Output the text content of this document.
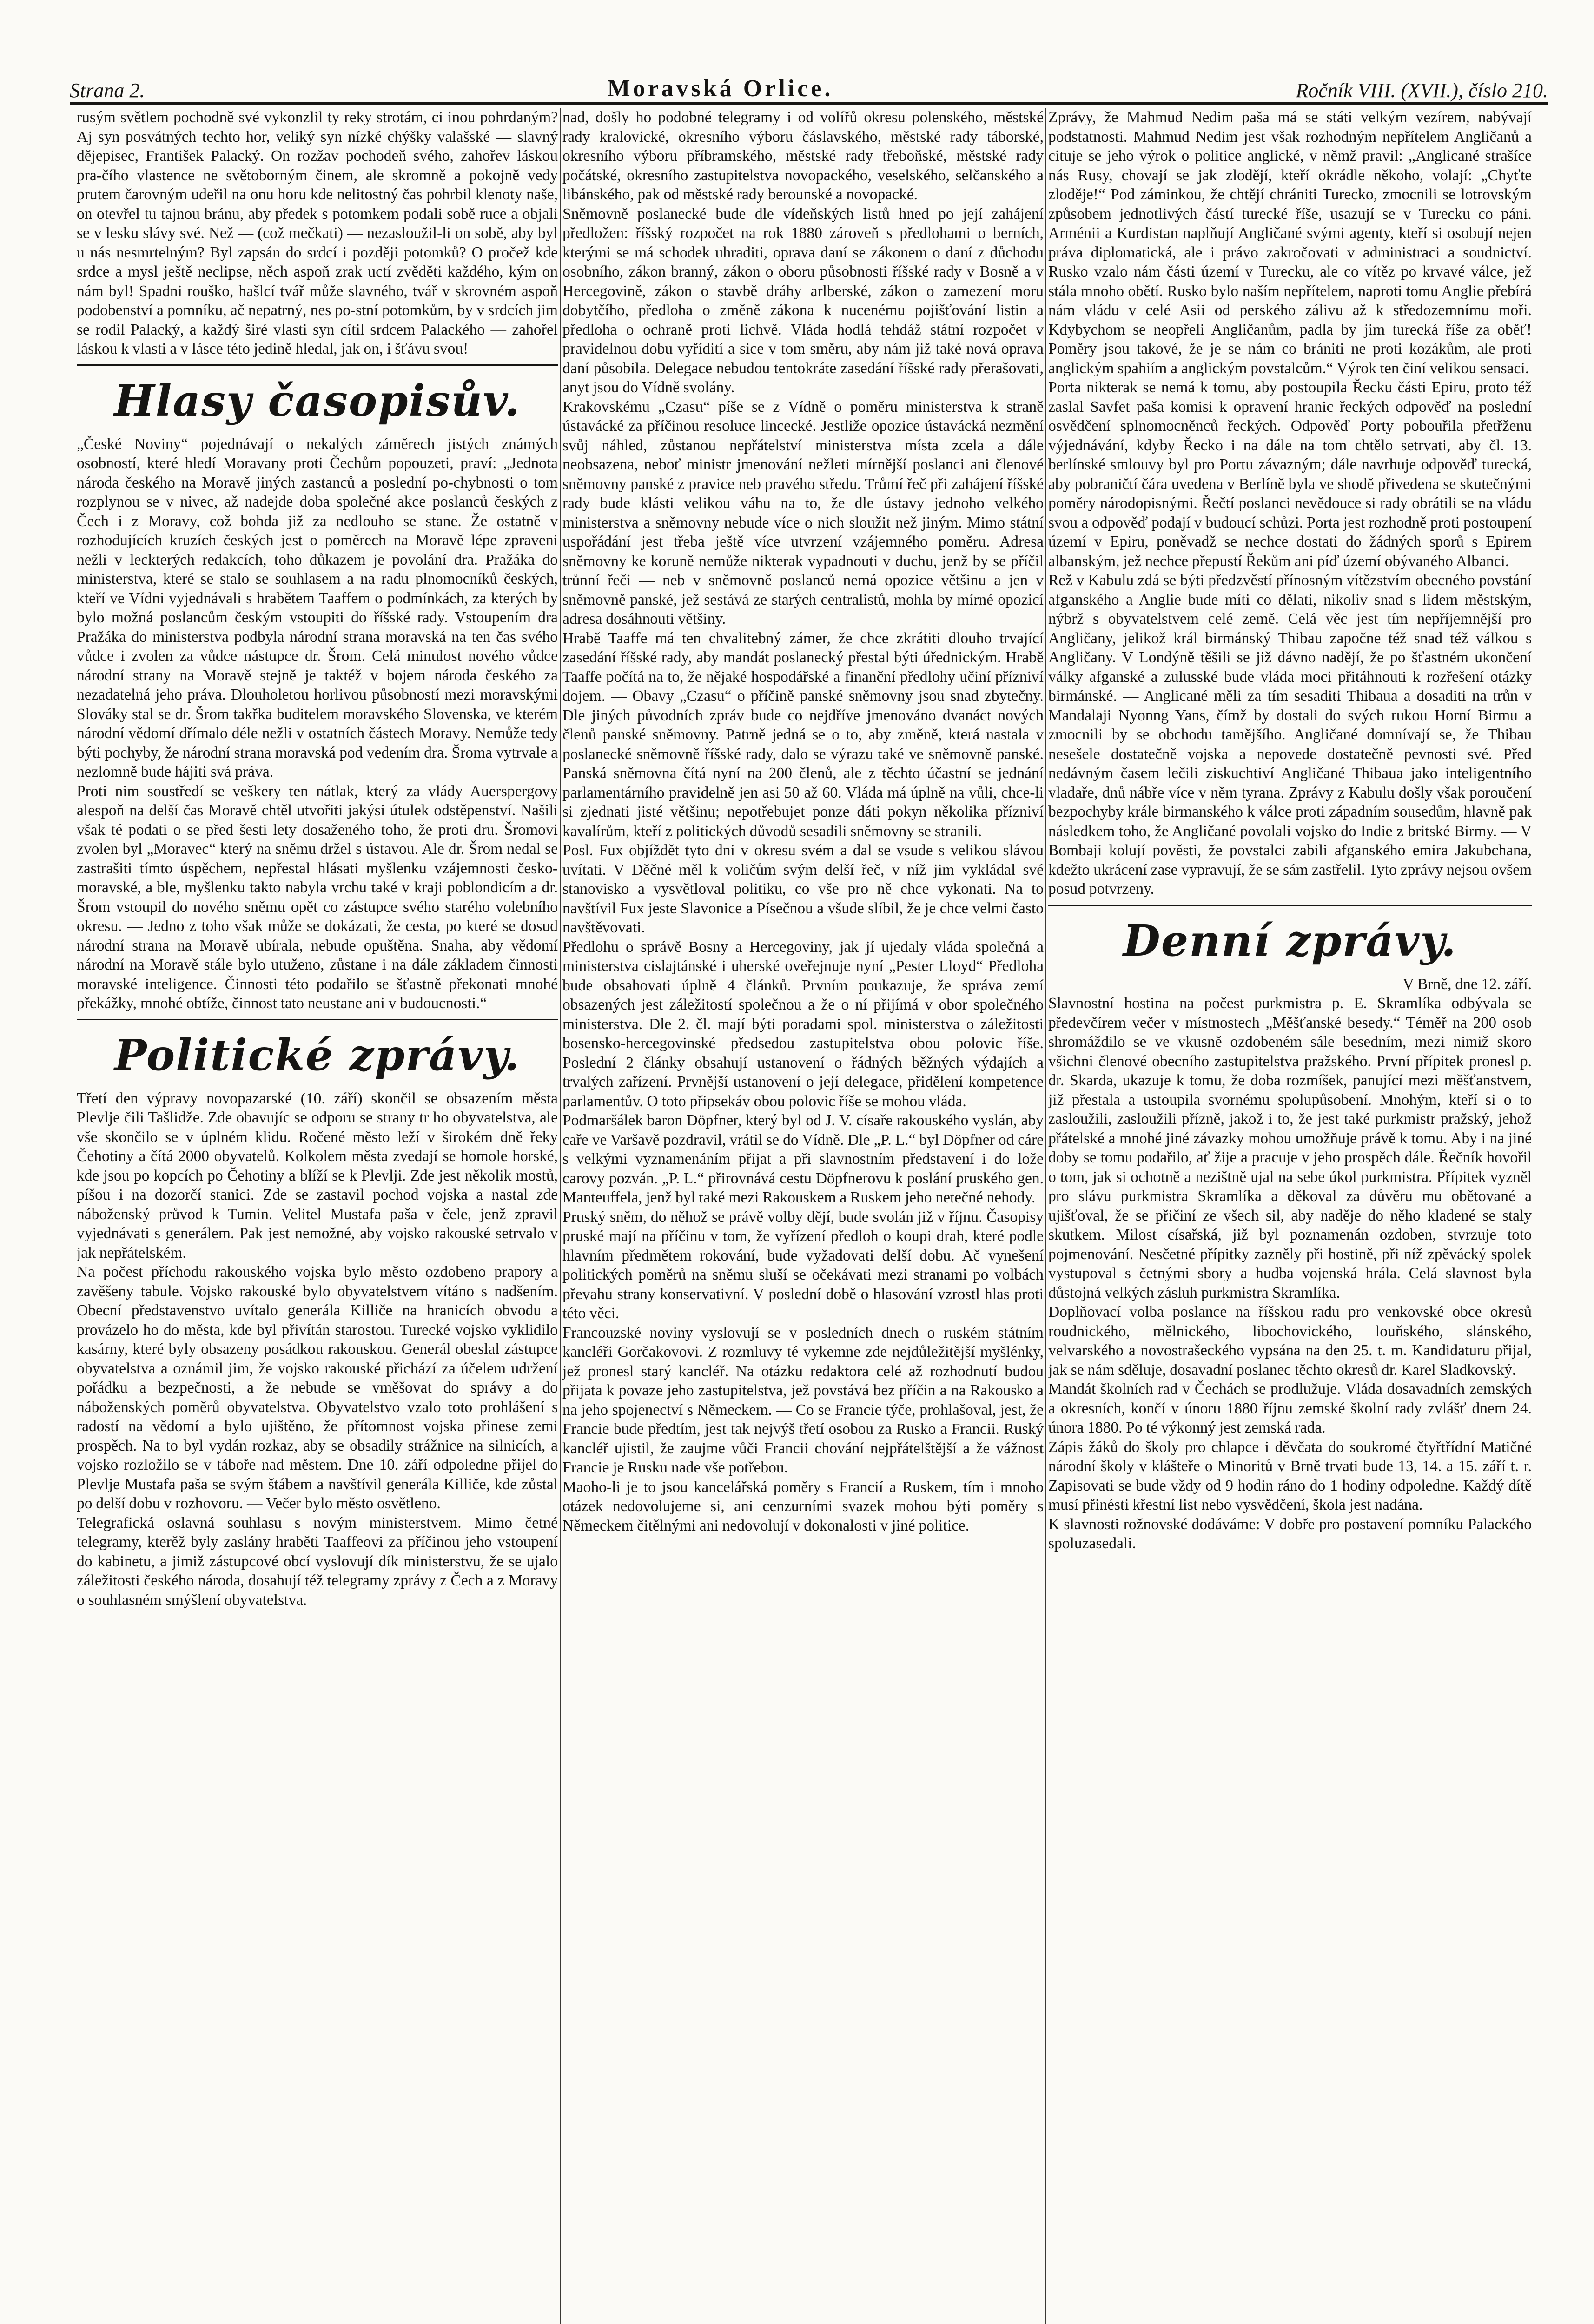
Strana 2.	Moravská Orlice.	Ročník VIII. (XVII.), číslo 210.

rusým světlem pochodně své vykonzlil ty reky strotám, ci inou pohrdaným? Aj syn posvátných techto hor, veliký syn nízké chýšky valašské — slavný dějepisec, František Palacký. On rozžav pochodeň svého, zahořev láskou pra-čího vlastence ne světoborným činem, ale skromně a pokojně vedy prutem čarovným udeřil na onu horu kde nelitostný čas pohrbil klenoty naše, on otevřel tu tajnou bránu, aby předek s potomkem podali sobě ruce a objali se v lesku slávy své. Než — (což mečkati) — nezasloužil-li on sobě, aby byl u nás nesmrtelným? Byl zapsán do srdcí i později potomků? O pročež kde srdce a mysl ještě neclipse, něch aspoň zrak uctí zvěděti každého, kým on nám byl! Spadni rouško, hašlcí tvář může slavného, tvář v skrovném aspoň podobenství a pomníku, ač nepatrný, nes po-stní potomkům, by v srdcích jim se rodil Palacký, a každý širé vlasti syn cítil srdcem Palackého — zahořel láskou k vlasti a v lásce této jedině hledal, jak on, i šťávu svou!

Hlasy časopisův.

„České Noviny“ pojednávají o nekalých záměrech jistých známých osobností, které hledí Moravany proti Čechům popouzeti, praví: „Jednota národa českého na Moravě jiných zastanců a poslední po-chybnosti o tom rozplynou se v nivec, až nadejde doba společné akce poslanců českých z Čech i z Moravy, což bohda již za nedlouho se stane. Že ostatně v rozhodujících kruzích českých jest o poměrech na Moravě lépe zpraveni nežli v leckterých redakcích, toho důkazem je povolání dra. Pražáka do ministerstva, které se stalo se souhlasem a na radu plnomocníků českých, kteří ve Vídni vyjednávali s hrabětem Taaffem o podmínkách, za kterých by bylo možná poslancům českým vstoupiti do říšské rady. Vstoupením dra Pražáka do ministerstva podbyla národní strana moravská na ten čas svého vůdce i zvolen za vůdce nástupce dr. Šrom. Celá minulost nového vůdce národní strany na Moravě stejně je taktéž v bojem národa českého za nezadatelná jeho práva. Dlouholetou horlivou působností mezi moravskými Slováky stal se dr. Šrom takřka buditelem moravského Slovenska, ve kterém národní vědomí dřímalo déle nežli v ostatních částech Moravy. Nemůže tedy býti pochyby, že národní strana moravská pod vedením dra. Šroma vytrvale a nezlomně bude hájiti svá práva.

Proti nim soustředí se veškery ten nátlak, který za vlády Auerspergovy alespoň na delší čas Moravě chtěl utvořiti jakýsi útulek odstěpenství. Našili však té podati o se před šesti lety dosaženého toho, že proti dru. Šromovi zvolen byl „Moravec“ který na sněmu držel s ústavou. Ale dr. Šrom nedal se zastrašiti tímto úspěchem, nepřestal hlásati myšlenku vzájemnosti česko-moravské, a ble, myšlenku takto nabyla vrchu také v kraji poblondicím a dr. Šrom vstoupil do nového sněmu opět co zástupce svého starého volebního okresu. — Jedno z toho však může se dokázati, že cesta, po které se dosud národní strana na Moravě ubírala, nebude opuštěna. Snaha, aby vědomí národní na Moravě stále bylo utuženo, zůstane i na dále základem činnosti moravské inteligence. Činnosti této podařilo se šťastně překonati mnohé překážky, mnohé obtíže, činnost tato neustane ani v budoucnosti.“

Politické zprávy.

Třetí den výpravy novopazarské (10. září) skončil se obsazením města Plevlje čili Tašlidže. Zde obavujíc se odporu se strany tr ho obyvatelstva, ale vše skončilo se v úplném klidu. Ročené město leží v širokém dně řeky Čehotiny a čítá 2000 obyvatelů. Kolkolem města zvedají se homole horské, kde jsou po kopcích po Čehotiny a blíží se k Plevlji. Zde jest několik mostů, píšou i na dozorčí stanici. Zde se zastavil pochod vojska a nastal zde náboženský průvod k Tumin. Velitel Mustafa paša v čele, jenž zpravil vyjednávati s generálem. Pak jest nemožné, aby vojsko rakouské setrvalo v jak nepřátelském.

Na počest příchodu rakouského vojska bylo město ozdobeno prapory a zavěšeny tabule. Vojsko rakouské bylo obyvatelstvem vítáno s nadšením. Obecní představenstvo uvítalo generála Killiče na hranicích obvodu a provázelo ho do města, kde byl přivítán starostou. Turecké vojsko vyklidilo kasárny, které byly obsazeny posádkou rakouskou. Generál obeslal zástupce obyvatelstva a oznámil jim, že vojsko rakouské přichází za účelem udržení pořádku a bezpečnosti, a že nebude se vměšovat do správy a do náboženských poměrů obyvatelstva. Obyvatelstvo vzalo toto prohlášení s radostí na vědomí a bylo ujištěno, že přítomnost vojska přinese zemi prospěch. Na to byl vydán rozkaz, aby se obsadily strážnice na silnicích, a vojsko rozložilo se v táboře nad městem. Dne 10. září odpoledne přijel do Plevlje Mustafa paša se svým štábem a navštívil generála Killiče, kde zůstal po delší dobu v rozhovoru. — Večer bylo město osvětleno.

Telegrafická oslavná souhlasu s novým ministerstvem. Mimo četné telegramy, kterěž byly zaslány hraběti Taaffeovi za příčinou jeho vstoupení do kabinetu, a jimiž zástupcové obcí vyslovují dík ministerstvu, že se ujalo záležitosti českého národa, dosahují též telegramy zprávy z Čech a z Moravy o souhlasném smýšlení obyvatelstva.

nad, došly ho podobné telegramy i od volířů okresu polenského, městské rady kralovické, okresního výboru čáslavského, městské rady táborské, okresního výboru příbramského, městské rady třeboňské, městské rady počátské, okresního zastupitelstva novopackého, veselského, selčanského a libánského, pak od městské rady berounské a novopacké.

Sněmovně poslanecké bude dle vídeňských listů hned po její zahájení předložen: říšský rozpočet na rok 1880 zároveň s předlohami o berních, kterými se má schodek uhraditi, oprava daní se zákonem o daní z důchodu osobního, zákon branný, zákon o oboru působnosti říšské rady v Bosně a v Hercegovině, zákon o stavbě dráhy arlberské, zákon o zamezení moru dobytčího, předloha o změně zákona k nucenému pojišťování listin a předloha o ochraně proti lichvě. Vláda hodlá tehdáž státní rozpočet v pravidelnou dobu vyřídití a sice v tom směru, aby nám již také nová oprava daní působila. Delegace nebudou tentokráte zasedání říšské rady přerašovati, anyt jsou do Vídně svolány.

Krakovskému „Czasu“ píše se z Vídně o poměru ministerstva k straně ústavácké za příčinou resoluce lincecké. Jestliže opozice ústavácká nezmění svůj náhled, zůstanou nepřátelství ministerstva místa zcela a dále neobsazena, neboť ministr jmenování nežleti mírnější poslanci ani členové sněmovny panské z pravice neb pravého středu. Trůmí řeč při zahájení říšské rady bude klásti velikou váhu na to, že dle ústavy jednoho velkého ministerstva a sněmovny nebude více o nich sloužit než jiným. Mimo státní uspořádání jest třeba ještě více utvrzení vzájemného poměru. Adresa sněmovny ke koruně nemůže nikterak vypadnouti v duchu, jenž by se příčil trůnní řeči — neb v sněmovně poslanců nemá opozice většinu a jen v sněmovně panské, jež sestává ze starých centralistů, mohla by mírné opozicí adresa dosáhnouti většiny.

Hrabě Taaffe má ten chvalitebný zámer, že chce zkrátiti dlouho trvající zasedání říšské rady, aby mandát poslanecký přestal býti úřednickým. Hrabě Taaffe počítá na to, že nějaké hospodářské a finanční předlohy učiní přízniví dojem. — Obavy „Czasu“ o příčině panské sněmovny jsou snad zbytečny. Dle jiných původních zpráv bude co nejdříve jmenováno dvanáct nových členů panské sněmovny. Patrně jedná se o to, aby změně, která nastala v poslanecké sněmovně říšské rady, dalo se výrazu také ve sněmovně panské. Panská sněmovna čítá nyní na 200 členů, ale z těchto účastní se jednání parlamentárního pravidelně jen asi 50 až 60. Vláda má úplně na vůli, chce-li si zjednati jisté většinu; nepotřebujet ponze dáti pokyn několika přízniví kavalírům, kteří z politických důvodů sesadili sněmovny se stranili.

Posl. Fux objíždět tyto dni v okresu svém a dal se vsude s velikou slávou uvítati. V Děčné měl k voličům svým delší řeč, v níž jim vykládal své stanovisko a vysvětloval politiku, co vše pro ně chce vykonati. Na to navštívil Fux jeste Slavonice a Písečnou a všude slíbil, že je chce velmi často navštěvovati.

Předlohu o správě Bosny a Hercegoviny, jak jí ujedaly vláda společná a ministerstva cislajtánské i uherské oveřejnuje nyní „Pester Lloyd“ Předloha bude obsahovati úplně 4 článků. Prvním poukazuje, že správa zemí obsazených jest záležitostí společnou a že o ní přijímá v obor společného ministerstva. Dle 2. čl. mají býti poradami spol. ministerstva o záležitosti bosensko-hercegovinské předsedou zastupitelstva obou polovic říše. Poslední 2 články obsahují ustanovení o řádných běžných výdajích a trvalých zařízení. Prvnější ustanovení o její delegace, přidělení kompetence parlamentův. O toto připsekáv obou polovic říše se mohou vláda.

Podmaršálek baron Döpfner, který byl od J. V. císaře rakouského vyslán, aby caře ve Varšavě pozdravil, vrátil se do Vídně. Dle „P. L.“ byl Döpfner od cáre s velkými vyznamenáním přijat a při slavnostním představení i do lože carovy pozván. „P. L.“ přirovnává cestu Döpfnerovu k poslání pruského gen. Manteuffela, jenž byl také mezi Rakouskem a Ruskem jeho netečné nehody.

Pruský sněm, do něhož se právě volby dějí, bude svolán již v říjnu. Časopisy pruské mají na příčinu v tom, že vyřízení předloh o koupi drah, které podle hlavním předmětem rokování, bude vyžadovati delší dobu. Ač vynešení politických poměrů na sněmu sluší se očekávati mezi stranami po volbách převahu strany konservativní. V poslední době o hlasování vzrostl hlas proti této věci.

Francouzské noviny vyslovují se v posledních dnech o ruském státním kancléři Gorčakovovi. Z rozmluvy té vykemne zde nejdůležitější myšlénky, jež pronesl starý kancléř. Na otázku redaktora celé až rozhodnutí budou přijata k povaze jeho zastupitelstva, jež povstává bez příčin a na Rakousko a na jeho spojenectví s Německem. — Co se Francie týče, prohlašoval, jest, že Francie bude předtím, jest tak nejvýš třetí osobou za Rusko a Francii. Ruský kancléř ujistil, že zaujme vůči Francii chování nejpřátelštější a že vážnost Francie je Rusku nade vše potřebou.

Maoho-li je to jsou kancelářská poměry s Francií a Ruskem, tím i mnoho otázek nedovolujeme si, ani cenzurními svazek mohou býti poměry s Německem čitělnými ani nedovolují v dokonalosti v jiné politice.

Zprávy, že Mahmud Nedim paša má se státi velkým vezírem, nabývají podstatnosti. Mahmud Nedim jest však rozhodným nepřítelem Angličanů a cituje se jeho výrok o politice anglické, v němž pravil: „Anglicané strašíce nás Rusy, chovají se jak zlodějí, kteří okrádle někoho, volají: „Chyťte zloděje!“ Pod záminkou, že chtějí chrániti Turecko, zmocnili se lotrovským způsobem jednotlivých částí turecké říše, usazují se v Turecku co páni. Arménii a Kurdistan naplňují Angličané svými agenty, kteří si osobují nejen práva diplomatická, ale i právo zakročovati v administraci a soudnictví. Rusko vzalo nám části území v Turecku, ale co vítěz po krvavé válce, jež stála mnoho obětí. Rusko bylo naším nepřítelem, naproti tomu Anglie přebírá nám vládu v celé Asii od perského zálivu až k středozemnímu moři. Kdybychom se neopřeli Angličanům, padla by jim turecká říše za oběť! Poměry jsou takové, že je se nám co brániti ne proti kozákům, ale proti anglickým spahiím a anglickým povstalcům.“ Výrok ten činí velikou sensaci.

Porta nikterak se nemá k tomu, aby postoupila Řecku části Epiru, proto též zaslal Savfet paša komisi k opravení hranic řeckých odpověď na poslední osvědčení splnomocněnců řeckých. Odpověď Porty pobouřila přetřženu výjednávání, kdyby Řecko i na dále na tom chtělo setrvati, aby čl. 13. berlínské smlouvy byl pro Portu závazným; dále navrhuje odpověď turecká, aby pobraničtí čára uvedena v Berlíně byla ve shodě přivedena se skutečnými poměry národopisnými. Řečtí poslanci nevědouce si rady obrátili se na vládu svou a odpověď podají v budoucí schůzi. Porta jest rozhodně proti postoupení území v Epiru, poněvadž se nechce dostati do žádných sporů s Epirem albanským, jež nechce přepustí Řekům ani píď území obývaného Albanci.

Rež v Kabulu zdá se býti předzvěstí přínosným vítězstvím obecného povstání afganského a Anglie bude míti co dělati, nikoliv snad s lidem městským, nýbrž s obyvatelstvem celé země. Celá věc jest tím nepříjemnější pro Angličany, jelikož král birmánský Thibau započne též snad též válkou s Angličany. V Londýně těšili se již dávno nadějí, že po šťastném ukončení války afganské a zulusské bude vláda moci přitáhnouti k rozřešení otázky birmánské. — Anglicané měli za tím sesaditi Thibaua a dosaditi na trůn v Mandalaji Nyonng Yans, čímž by dostali do svých rukou Horní Birmu a zmocnili by se obchodu tamějšího. Angličané domnívají se, že Thibau nesešele dostatečně vojska a nepovede dostatečně pevnosti své. Před nedávným časem lečili ziskuchtiví Angličané Thibaua jako inteligentního vladaře, dnů nábře více v něm tyrana. Zprávy z Kabulu došly však poroučení bezpochyby krále birmanského k válce proti západním sousedům, hlavně pak následkem toho, že Angličané povolali vojsko do Indie z britské Birmy. — V Bombaji kolují pověsti, že povstalci zabili afganského emira Jakubchana, kdežto ukrácení zase vypravují, že se sám zastřelil. Tyto zprávy nejsou ovšem posud potvrzeny.

Denní zprávy.
V Brně, dne 12. září.

Slavnostní hostina na počest purkmistra p. E. Skramlíka odbývala se předevčírem večer v místnostech „Měšťanské besedy.“ Téměř na 200 osob shromáždilo se ve vkusně ozdobeném sále besedním, mezi nimiž skoro všichni členové obecního zastupitelstva pražského. První přípitek pronesl p. dr. Skarda, ukazuje k tomu, že doba rozmíšek, panující mezi měšťanstvem, již přestala a ustoupila svornému spolupůsobení. Mnohým, kteří si o to zasloužili, zasloužili přízně, jakož i to, že jest také purkmistr pražský, jehož přátelské a mnohé jiné závazky mohou umožňuje právě k tomu. Aby i na jiné doby se tomu podařilo, ať žije a pracuje v jeho prospěch dále. Řečník hovořil o tom, jak si ochotně a nezištně ujal na sebe úkol purkmistra. Přípitek vyzněl pro slávu purkmistra Skramlíka a děkoval za důvěru mu obětované a ujišťoval, že se přičiní ze všech sil, aby naděje do něho kladené se staly skutkem. Milost císařská, již byl poznamenán ozdoben, stvrzuje toto pojmenování. Nesčetné přípitky zazněly při hostině, při níž zpěvácký spolek vystupoval s četnými sbory a hudba vojenská hrála. Celá slavnost byla důstojná velkých zásluh purkmistra Skramlíka.

Doplňovací volba poslance na říšskou radu pro venkovské obce okresů roudnického, mělnického, libochovického, louňského, slánského, velvarského a novostrašeckého vypsána na den 25. t. m. Kandidaturu přijal, jak se nám sděluje, dosavadní poslanec těchto okresů dr. Karel Sladkovský.

Mandát školních rad v Čechách se prodlužuje. Vláda dosavadních zemských a okresních, končí v únoru 1880 říjnu zemské školní rady zvlášť dnem 24. února 1880. Po té výkonný jest zemská rada.

Zápis žáků do školy pro chlapce i děvčata do soukromé čtyřtřídní Matičné národní školy v klášteře o Minoritů v Brně trvati bude 13, 14. a 15. září t. r. Zapisovati se bude vždy od 9 hodin ráno do 1 hodiny odpoledne. Každý dítě musí přinésti křestní list nebo vysvědčení, škola jest nadána.

K slavnosti rožnovské dodáváme: V dobře pro postavení pomníku Palackého spoluzasedali.
